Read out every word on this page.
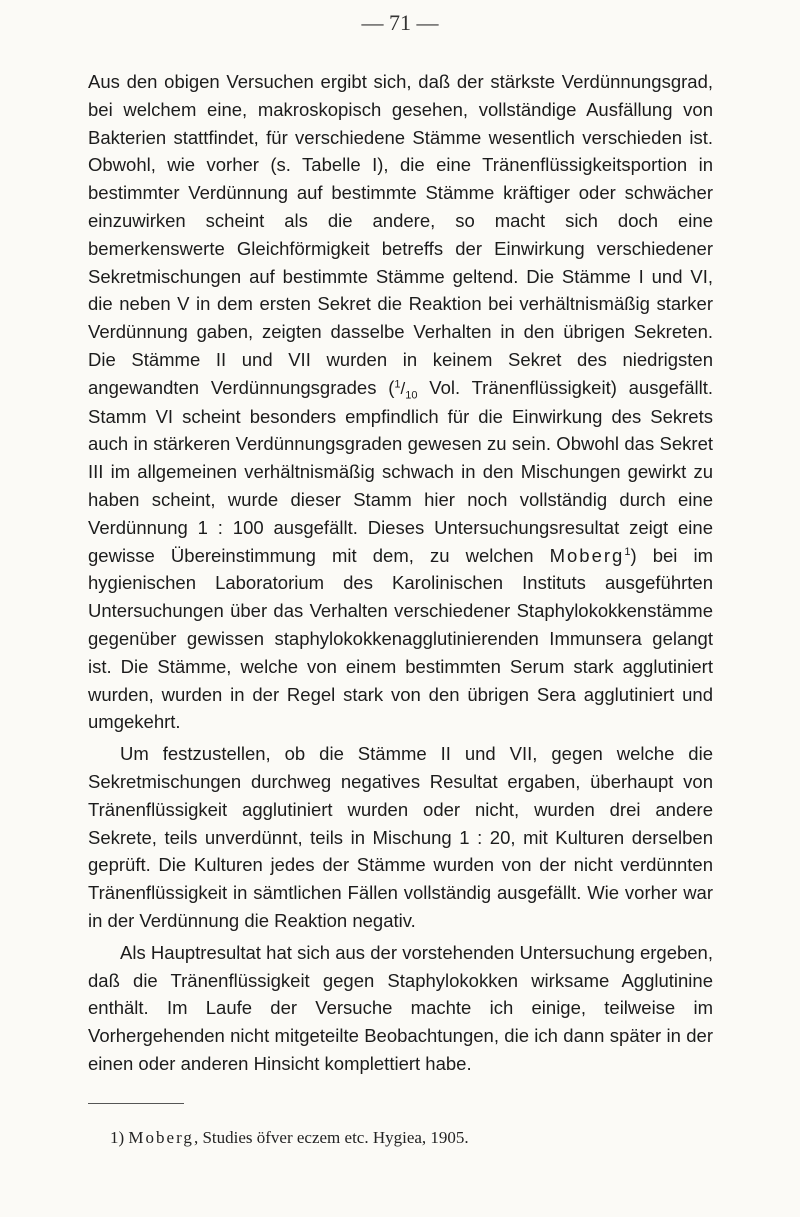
— 71 —

Aus den obigen Versuchen ergibt sich, daß der stärkste Verdünnungsgrad, bei welchem eine, makroskopisch gesehen, vollständige Ausfällung von Bakterien stattfindet, für verschiedene Stämme wesentlich verschieden ist. Obwohl, wie vorher (s. Tabelle I), die eine Tränenflüssigkeitsportion in bestimmter Verdünnung auf bestimmte Stämme kräftiger oder schwächer einzuwirken scheint als die andere, so macht sich doch eine bemerkenswerte Gleichförmigkeit betreffs der Einwirkung verschiedener Sekretmischungen auf bestimmte Stämme geltend. Die Stämme I und VI, die neben V in dem ersten Sekret die Reaktion bei verhältnismäßig starker Verdünnung gaben, zeigten dasselbe Verhalten in den übrigen Sekreten. Die Stämme II und VII wurden in keinem Sekret des niedrigsten angewandten Verdünnungsgrades ($^1/_{10}$ Vol. Tränenflüssigkeit) ausgefällt. Stamm VI scheint besonders empfindlich für die Einwirkung des Sekrets auch in stärkeren Verdünnungsgraden gewesen zu sein. Obwohl das Sekret III im allgemeinen verhältnismäßig schwach in den Mischungen gewirkt zu haben scheint, wurde dieser Stamm hier noch vollständig durch eine Verdünnung 1 : 100 ausgefällt. Dieses Untersuchungsresultat zeigt eine gewisse Übereinstimmung mit dem, zu welchen Moberg$^1$) bei im hygienischen Laboratorium des Karolinischen Instituts ausgeführten Untersuchungen über das Verhalten verschiedener Staphylokokkenstämme gegenüber gewissen staphylokokkenagglutinierenden Immunsera gelangt ist. Die Stämme, welche von einem bestimmten Serum stark agglutiniert wurden, wurden in der Regel stark von den übrigen Sera agglutiniert und umgekehrt.

Um festzustellen, ob die Stämme II und VII, gegen welche die Sekretmischungen durchweg negatives Resultat ergaben, überhaupt von Tränenflüssigkeit agglutiniert wurden oder nicht, wurden drei andere Sekrete, teils unverdünnt, teils in Mischung 1 : 20, mit Kulturen derselben geprüft. Die Kulturen jedes der Stämme wurden von der nicht verdünnten Tränenflüssigkeit in sämtlichen Fällen vollständig ausgefällt. Wie vorher war in der Verdünnung die Reaktion negativ.

Als Hauptresultat hat sich aus der vorstehenden Untersuchung ergeben, daß die Tränenflüssigkeit gegen Staphylokokken wirksame Agglutinine enthält. Im Laufe der Versuche machte ich einige, teilweise im Vorhergehenden nicht mitgeteilte Beobachtungen, die ich dann später in der einen oder anderen Hinsicht komplettiert habe.

1) Moberg, Studies öfver eczem etc. Hygiea, 1905.
